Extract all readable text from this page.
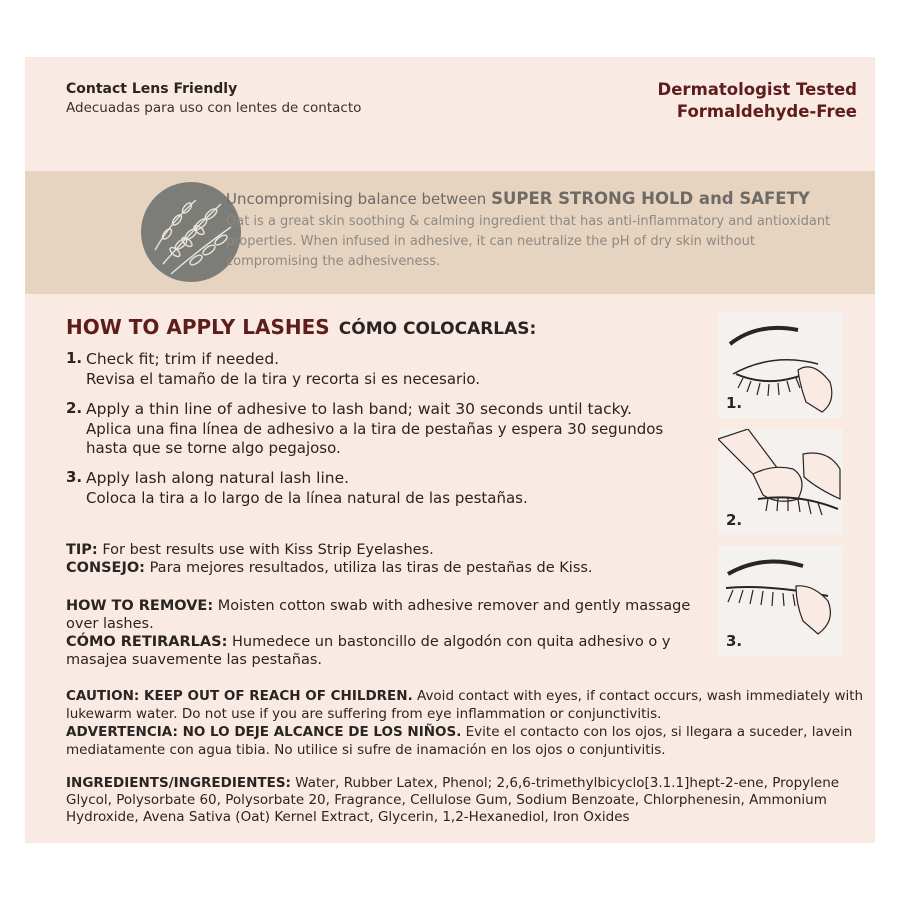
Contact Lens Friendly
Adecuadas para uso con lentes de contacto
Dermatologist Tested
Formaldehyde-Free
Uncompromising balance between SUPER STRONG HOLD and SAFETY
Oat is a great skin soothing & calming ingredient that has anti-inflammatory and antioxidant properties. When infused in adhesive, it can neutralize the pH of dry skin without compromising the adhesiveness.
HOW TO APPLY LASHES CÓMO COLOCARLAS:
1. Check fit; trim if needed.
Revisa el tamaño de la tira y recorta si es necesario.
2. Apply a thin line of adhesive to lash band; wait 30 seconds until tacky.
Aplica una fina línea de adhesivo a la tira de pestañas y espera 30 segundos hasta que se torne algo pegajoso.
3. Apply lash along natural lash line.
Coloca la tira a lo largo de la línea natural de las pestañas.
TIP: For best results use with Kiss Strip Eyelashes.
CONSEJO: Para mejores resultados, utiliza las tiras de pestañas de Kiss.
HOW TO REMOVE: Moisten cotton swab with adhesive remover and gently massage over lashes.
CÓMO RETIRARLAS: Humedece un bastoncillo de algodón con quita adhesivo o y masajea suavemente las pestañas.
CAUTION: KEEP OUT OF REACH OF CHILDREN. Avoid contact with eyes, if contact occurs, wash immediately with lukewarm water. Do not use if you are suffering from eye inflammation or conjunctivitis.
ADVERTENCIA: NO LO DEJE ALCANCE DE LOS NIÑOS. Evite el contacto con los ojos, si llegara a suceder, lavein mediatamente con agua tibia. No utilice si sufre de inamación en los ojos o conjuntivitis.
INGREDIENTS/INGREDIENTES: Water, Rubber Latex, Phenol; 2,6,6-trimethylbicyclo[3.1.1]hept-2-ene, Propylene Glycol, Polysorbate 60, Polysorbate 20, Fragrance, Cellulose Gum, Sodium Benzoate, Chlorphenesin, Ammonium Hydroxide, Avena Sativa (Oat) Kernel Extract, Glycerin, 1,2-Hexanediol, Iron Oxides
1.
2.
3.
